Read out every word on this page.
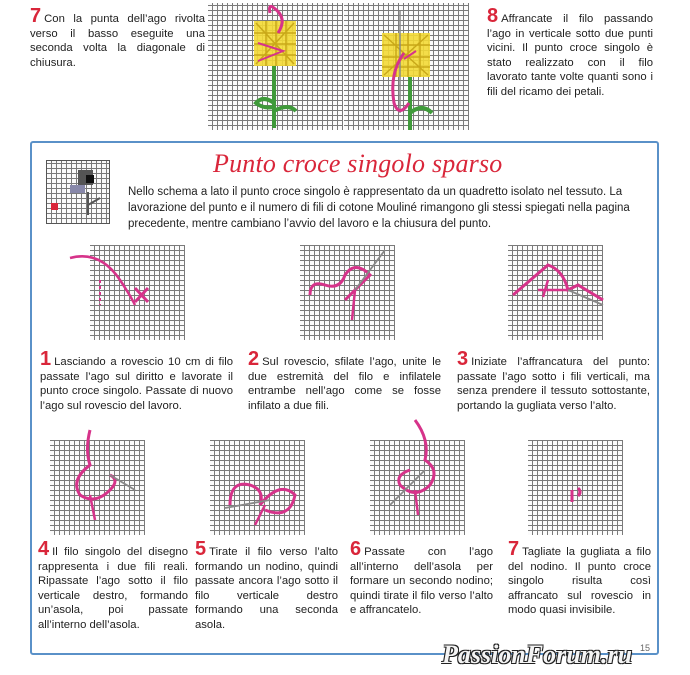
7 Con la punta dell’ago rivolta verso il basso eseguite una seconda volta la diagonale di chiusura.
8 Affrancate il filo passando l’ago in verticale sotto due punti vicini. Il punto croce singolo è stato realizzato con il filo lavorato tante volte quanti sono i fili del ricamo dei petali.
Punto croce singolo sparso
Nello schema a lato il punto croce singolo è rappresentato da un quadretto isolato nel tessuto. La lavorazione del punto e il numero di fili di cotone Mouliné rimangono gli stessi spiegati nella pagina precedente, mentre cambiano l’avvio del lavoro e la chiusura del punto.
1 Lasciando a rovescio 10 cm di filo passate l’ago sul diritto e lavorate il punto croce singolo. Passate di nuovo l’ago sul rovescio del lavoro.
2 Sul rovescio, sfilate l’ago, unite le due estremità del filo e infilatele entrambe nell’ago come se fosse infilato a due fili.
3 Iniziate l’affrancatura del punto: passate l’ago sotto i fili verticali, ma senza prendere il tessuto sottostante, portando la gugliata verso l’alto.
4 Il filo singolo del disegno rappresenta i due fili reali. Ripassate l’ago sotto il filo verticale destro, formando un’asola, poi passate all’interno dell’asola.
5 Tirate il filo verso l’alto formando un nodino, quindi passate ancora l’ago sotto il filo verticale destro formando una seconda asola.
6 Passate con l’ago all’interno dell’asola per formare un secondo nodino; quindi tirate il filo verso l’alto e affrancatelo.
7 Tagliate la gugliata a filo del nodino. Il punto croce singolo risulta così affrancato sul rovescio in modo quasi invisibile.
15
PassionForum.ru
